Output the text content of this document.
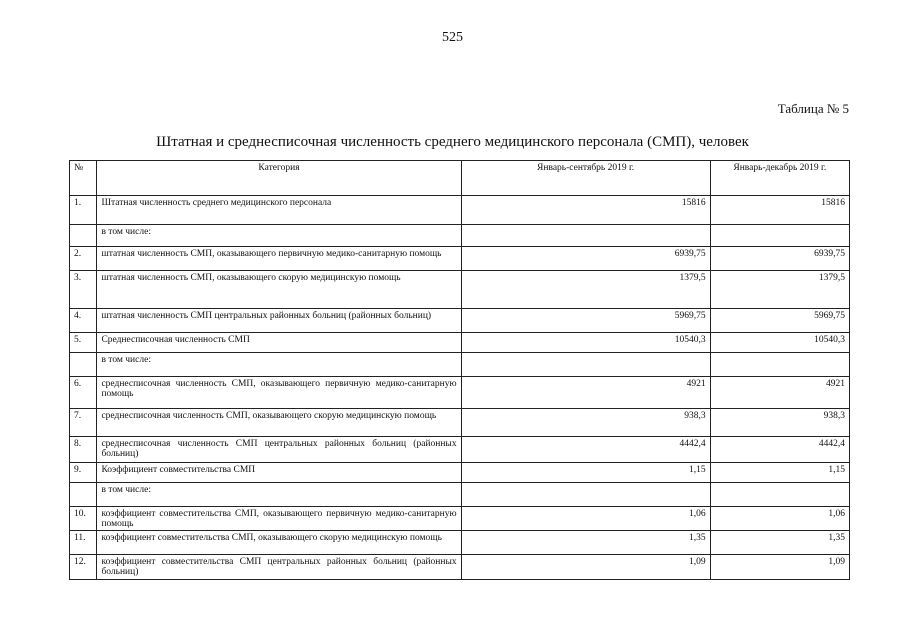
525
Таблица № 5
Штатная и среднесписочная численность среднего медицинского персонала (СМП), человек
№	Категория	Январь-сентябрь 2019 г.	Январь-декабрь 2019 г.
1.	Штатная численность среднего медицинского персонала	15816	15816
	в том числе:		
2.	штатная численность СМП, оказывающего первичную медико-санитарную помощь	6939,75	6939,75
3.	штатная численность СМП, оказывающего скорую медицинскую помощь	1379,5	1379,5
4.	штатная численность СМП центральных районных больниц (районных больниц)	5969,75	5969,75
5.	Среднесписочная численность СМП	10540,3	10540,3
	в том числе:		
6.	среднесписочная численность СМП, оказывающего первичную медико-санитарную помощь	4921	4921
7.	среднесписочная численность СМП, оказывающего скорую медицинскую помощь	938,3	938,3
8.	среднесписочная численность СМП центральных районных больниц (районных больниц)	4442,4	4442,4
9.	Коэффициент совместительства СМП	1,15	1,15
	в том числе:		
10.	коэффициент совместительства СМП, оказывающего первичную медико-санитарную помощь	1,06	1,06
11.	коэффициент совместительства СМП, оказывающего скорую медицинскую помощь	1,35	1,35
12.	коэффициент совместительства СМП центральных районных больниц (районных больниц)	1,09	1,09
